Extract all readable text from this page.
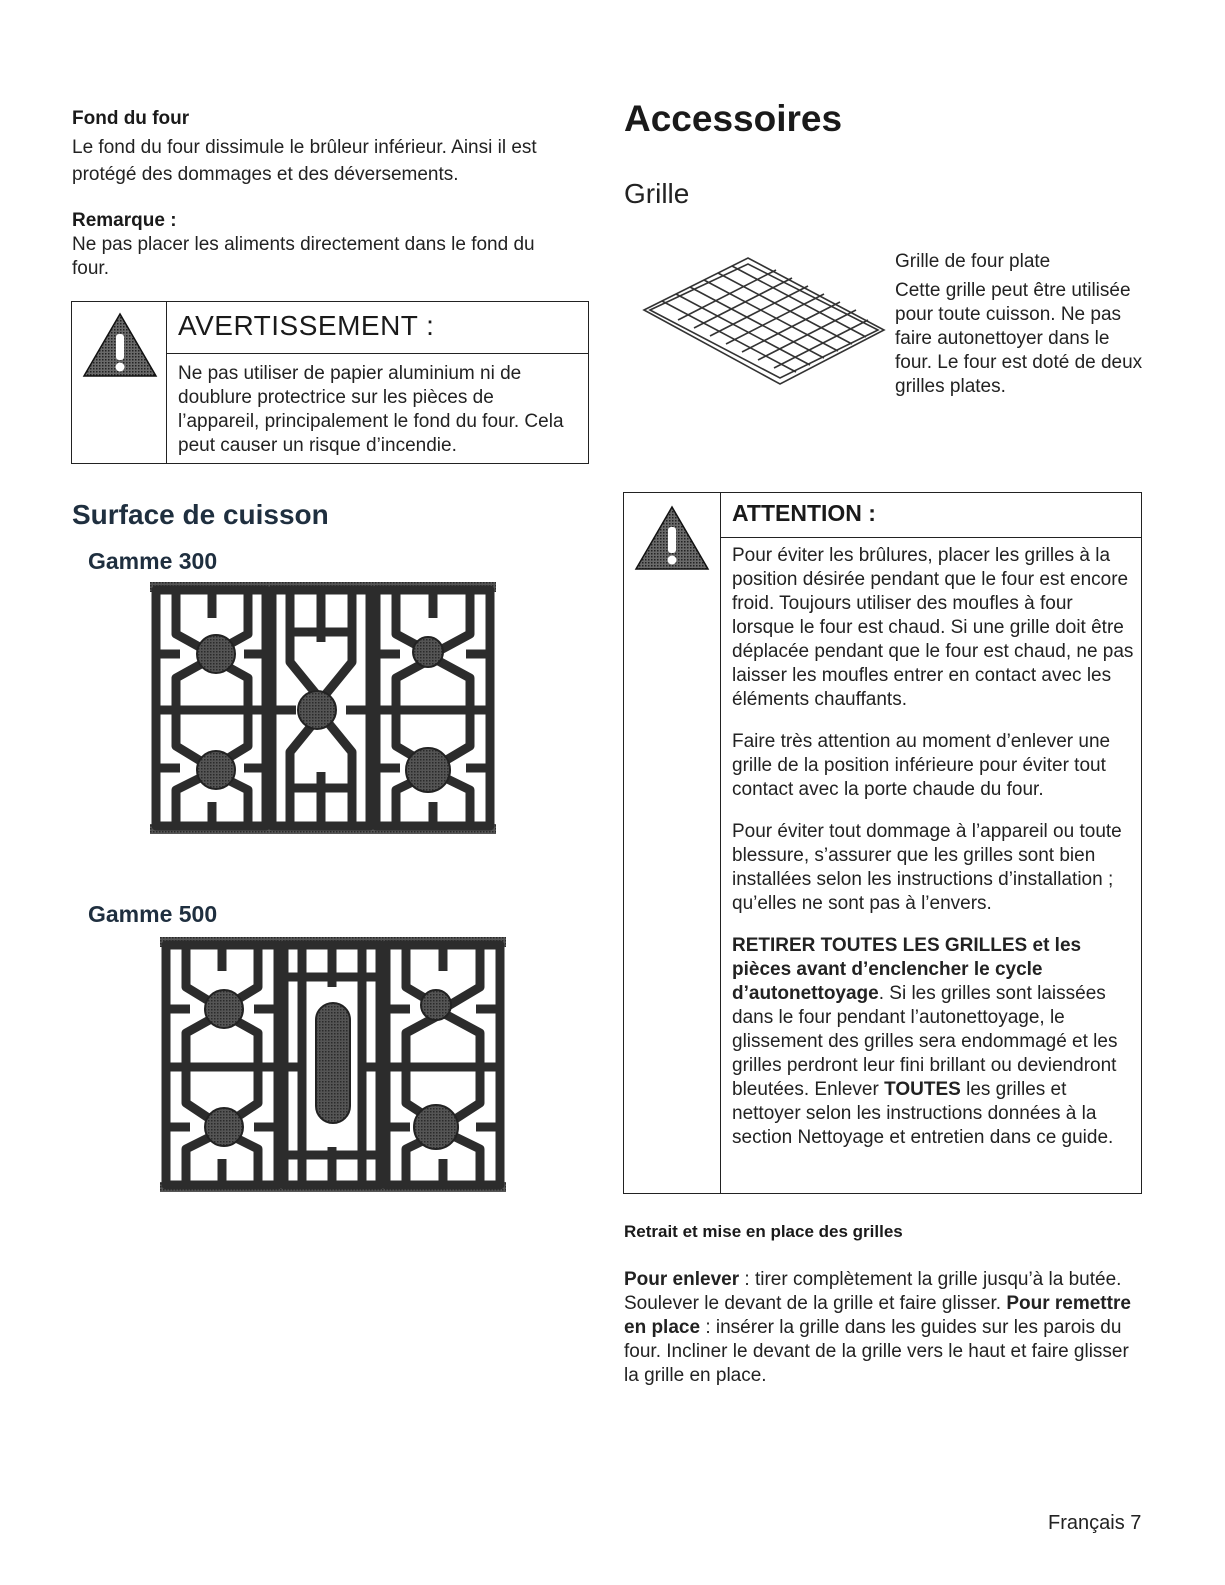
Fond du four
Le fond du four dissimule le brûleur inférieur. Ainsi il est protégé des dommages et des déversements.
Remarque :
Ne pas placer les aliments directement dans le fond du four.
AVERTISSEMENT :
Ne pas utiliser de papier aluminium ni de doublure protectrice sur les pièces de l’appareil, principalement le fond du four. Cela peut causer un risque d’incendie.
Surface de cuisson
Gamme 300
Gamme 500
Accessoires
Grille

Grille de four plate

Cette grille peut être utilisée pour toute cuisson. Ne pas faire autonettoyer dans le four. Le four est doté de deux grilles plates.

ATTENTION :

Pour éviter les brûlures, placer les grilles à la position désirée pendant que le four est encore froid. Toujours utiliser des moufles à four lorsque le four est chaud. Si une grille doit être déplacée pendant que le four est chaud, ne pas laisser les moufles entrer en contact avec les éléments chauffants.

Faire très attention au moment d’enlever une grille de la position inférieure pour éviter tout contact avec la porte chaude du four.

Pour éviter tout dommage à l’appareil ou toute blessure, s’assurer que les grilles sont bien installées selon les instructions d’installation ; qu’elles ne sont pas à l’envers.

RETIRER TOUTES LES GRILLES et les pièces avant d’enclencher le cycle d’autonettoyage. Si les grilles sont laissées dans le four pendant l’autonettoyage, le glissement des grilles sera endommagé et les grilles perdront leur fini brillant ou deviendront bleutées. Enlever TOUTES les grilles et nettoyer selon les instructions données à la section Nettoyage et entretien dans ce guide.

Retrait et mise en place des grilles
Pour enlever : tirer complètement la grille jusqu’à la butée. Soulever le devant de la grille et faire glisser. Pour remettre en place : insérer la grille dans les guides sur les parois du four. Incliner le devant de la grille vers le haut et faire glisser la grille en place.
Français 7
